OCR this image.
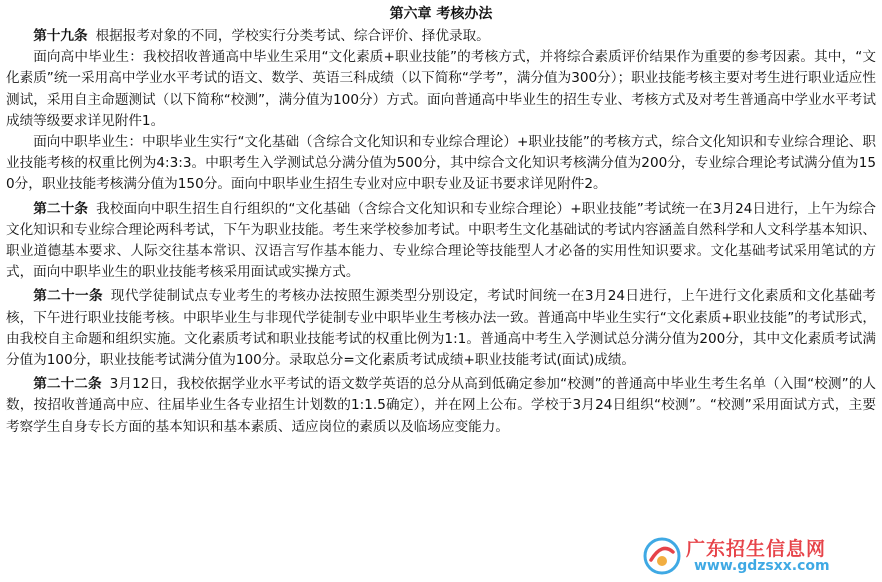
第六章 考核办法

第十九条 根据报考对象的不同，学校实行分类考试、综合评价、择优录取。

面向高中毕业生：我校招收普通高中毕业生采用“文化素质+职业技能”的考核方式，并将综合素质评价结果作为重要的参考因素。其中，“文化素质”统一采用高中学业水平考试的语文、数学、英语三科成绩（以下简称“学考”，满分值为300分）；职业技能考核主要对考生进行职业适应性测试，采用自主命题测试（以下简称“校测”，满分值为100分）方式。面向普通高中毕业生的招生专业、考核方式及对考生普通高中学业水平考试成绩等级要求详见附件1。

面向中职毕业生：中职毕业生实行“文化基础（含综合文化知识和专业综合理论）+职业技能”的考核方式，综合文化知识和专业综合理论、职业技能考核的权重比例为4:3:3。中职考生入学测试总分满分值为500分，其中综合文化知识考核满分值为200分，专业综合理论考试满分值为150分，职业技能考核满分值为150分。面向中职毕业生招生专业对应中职专业及证书要求详见附件2。

第二十条 我校面向中职生招生自行组织的“文化基础（含综合文化知识和专业综合理论）+职业技能”考试统一在3月24日进行，上午为综合文化知识和专业综合理论两科考试，下午为职业技能。考生来学校参加考试。中职考生文化基础试的考试内容涵盖自然科学和人文科学基本知识、职业道德基本要求、人际交往基本常识、汉语言写作基本能力、专业综合理论等技能型人才必备的实用性知识要求。文化基础考试采用笔试的方式，面向中职毕业生的职业技能考核采用面试或实操方式。

第二十一条 现代学徒制试点专业考生的考核办法按照生源类型分别设定，考试时间统一在3月24日进行，上午进行文化素质和文化基础考核，下午进行职业技能考核。中职毕业生与非现代学徒制专业中职毕业生考核办法一致。普通高中毕业生实行“文化素质+职业技能”的考试形式，由我校自主命题和组织实施。文化素质考试和职业技能考试的权重比例为1:1。普通高中考生入学测试总分满分值为200分，其中文化素质考试满分值为100分，职业技能考试满分值为100分。录取总分=文化素质考试成绩+职业技能考试(面试)成绩。

第二十二条 3月12日，我校依据学业水平考试的语文数学英语的总分从高到低确定参加“校测”的普通高中毕业生考生名单（入围“校测”的人数，按招收普通高中应、往届毕业生各专业招生计划数的1:1.5确定），并在网上公布。学校于3月24日组织“校测”。“校测”采用面试方式，主要考察学生自身专长方面的基本知识和基本素质、适应岗位的素质以及临场应变能力。

广东招生信息网
www.gdzsxx.com
